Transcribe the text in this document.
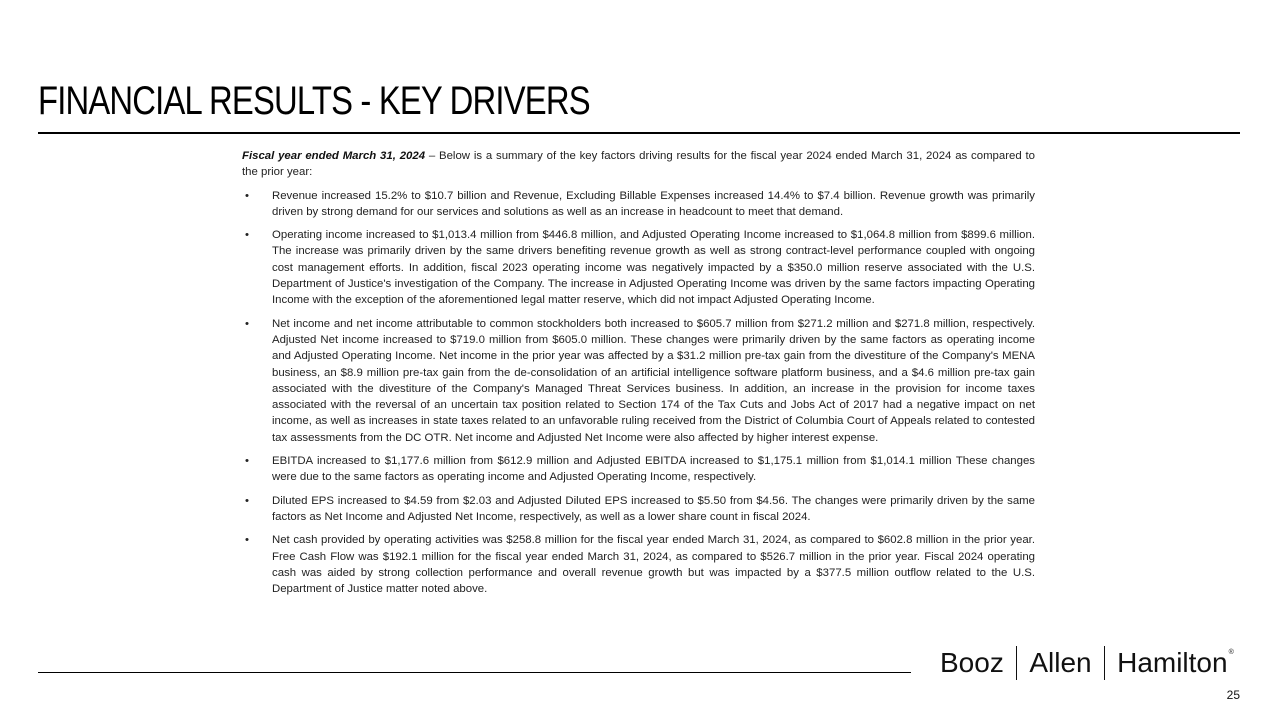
FINANCIAL RESULTS - KEY DRIVERS

Fiscal year ended March 31, 2024 – Below is a summary of the key factors driving results for the fiscal year 2024 ended March 31, 2024 as compared to the prior year:

• Revenue increased 15.2% to $10.7 billion and Revenue, Excluding Billable Expenses increased 14.4% to $7.4 billion. Revenue growth was primarily driven by strong demand for our services and solutions as well as an increase in headcount to meet that demand.
• Operating income increased to $1,013.4 million from $446.8 million, and Adjusted Operating Income increased to $1,064.8 million from $899.6 million. The increase was primarily driven by the same drivers benefiting revenue growth as well as strong contract-level performance coupled with ongoing cost management efforts. In addition, fiscal 2023 operating income was negatively impacted by a $350.0 million reserve associated with the U.S. Department of Justice's investigation of the Company. The increase in Adjusted Operating Income was driven by the same factors impacting Operating Income with the exception of the aforementioned legal matter reserve, which did not impact Adjusted Operating Income.
• Net income and net income attributable to common stockholders both increased to $605.7 million from $271.2 million and $271.8 million, respectively. Adjusted Net income increased to $719.0 million from $605.0 million. These changes were primarily driven by the same factors as operating income and Adjusted Operating Income. Net income in the prior year was affected by a $31.2 million pre-tax gain from the divestiture of the Company's MENA business, an $8.9 million pre-tax gain from the de-consolidation of an artificial intelligence software platform business, and a $4.6 million pre-tax gain associated with the divestiture of the Company's Managed Threat Services business. In addition, an increase in the provision for income taxes associated with the reversal of an uncertain tax position related to Section 174 of the Tax Cuts and Jobs Act of 2017 had a negative impact on net income, as well as increases in state taxes related to an unfavorable ruling received from the District of Columbia Court of Appeals related to contested tax assessments from the DC OTR. Net income and Adjusted Net Income were also affected by higher interest expense.
• EBITDA increased to $1,177.6 million from $612.9 million and Adjusted EBITDA increased to $1,175.1 million from $1,014.1 million These changes were due to the same factors as operating income and Adjusted Operating Income, respectively.
• Diluted EPS increased to $4.59 from $2.03 and Adjusted Diluted EPS increased to $5.50 from $4.56. The changes were primarily driven by the same factors as Net Income and Adjusted Net Income, respectively, as well as a lower share count in fiscal 2024.
• Net cash provided by operating activities was $258.8 million for the fiscal year ended March 31, 2024, as compared to $602.8 million in the prior year. Free Cash Flow was $192.1 million for the fiscal year ended March 31, 2024, as compared to $526.7 million in the prior year. Fiscal 2024 operating cash was aided by strong collection performance and overall revenue growth but was impacted by a $377.5 million outflow related to the U.S. Department of Justice matter noted above.
Booz Allen Hamilton ®
25
